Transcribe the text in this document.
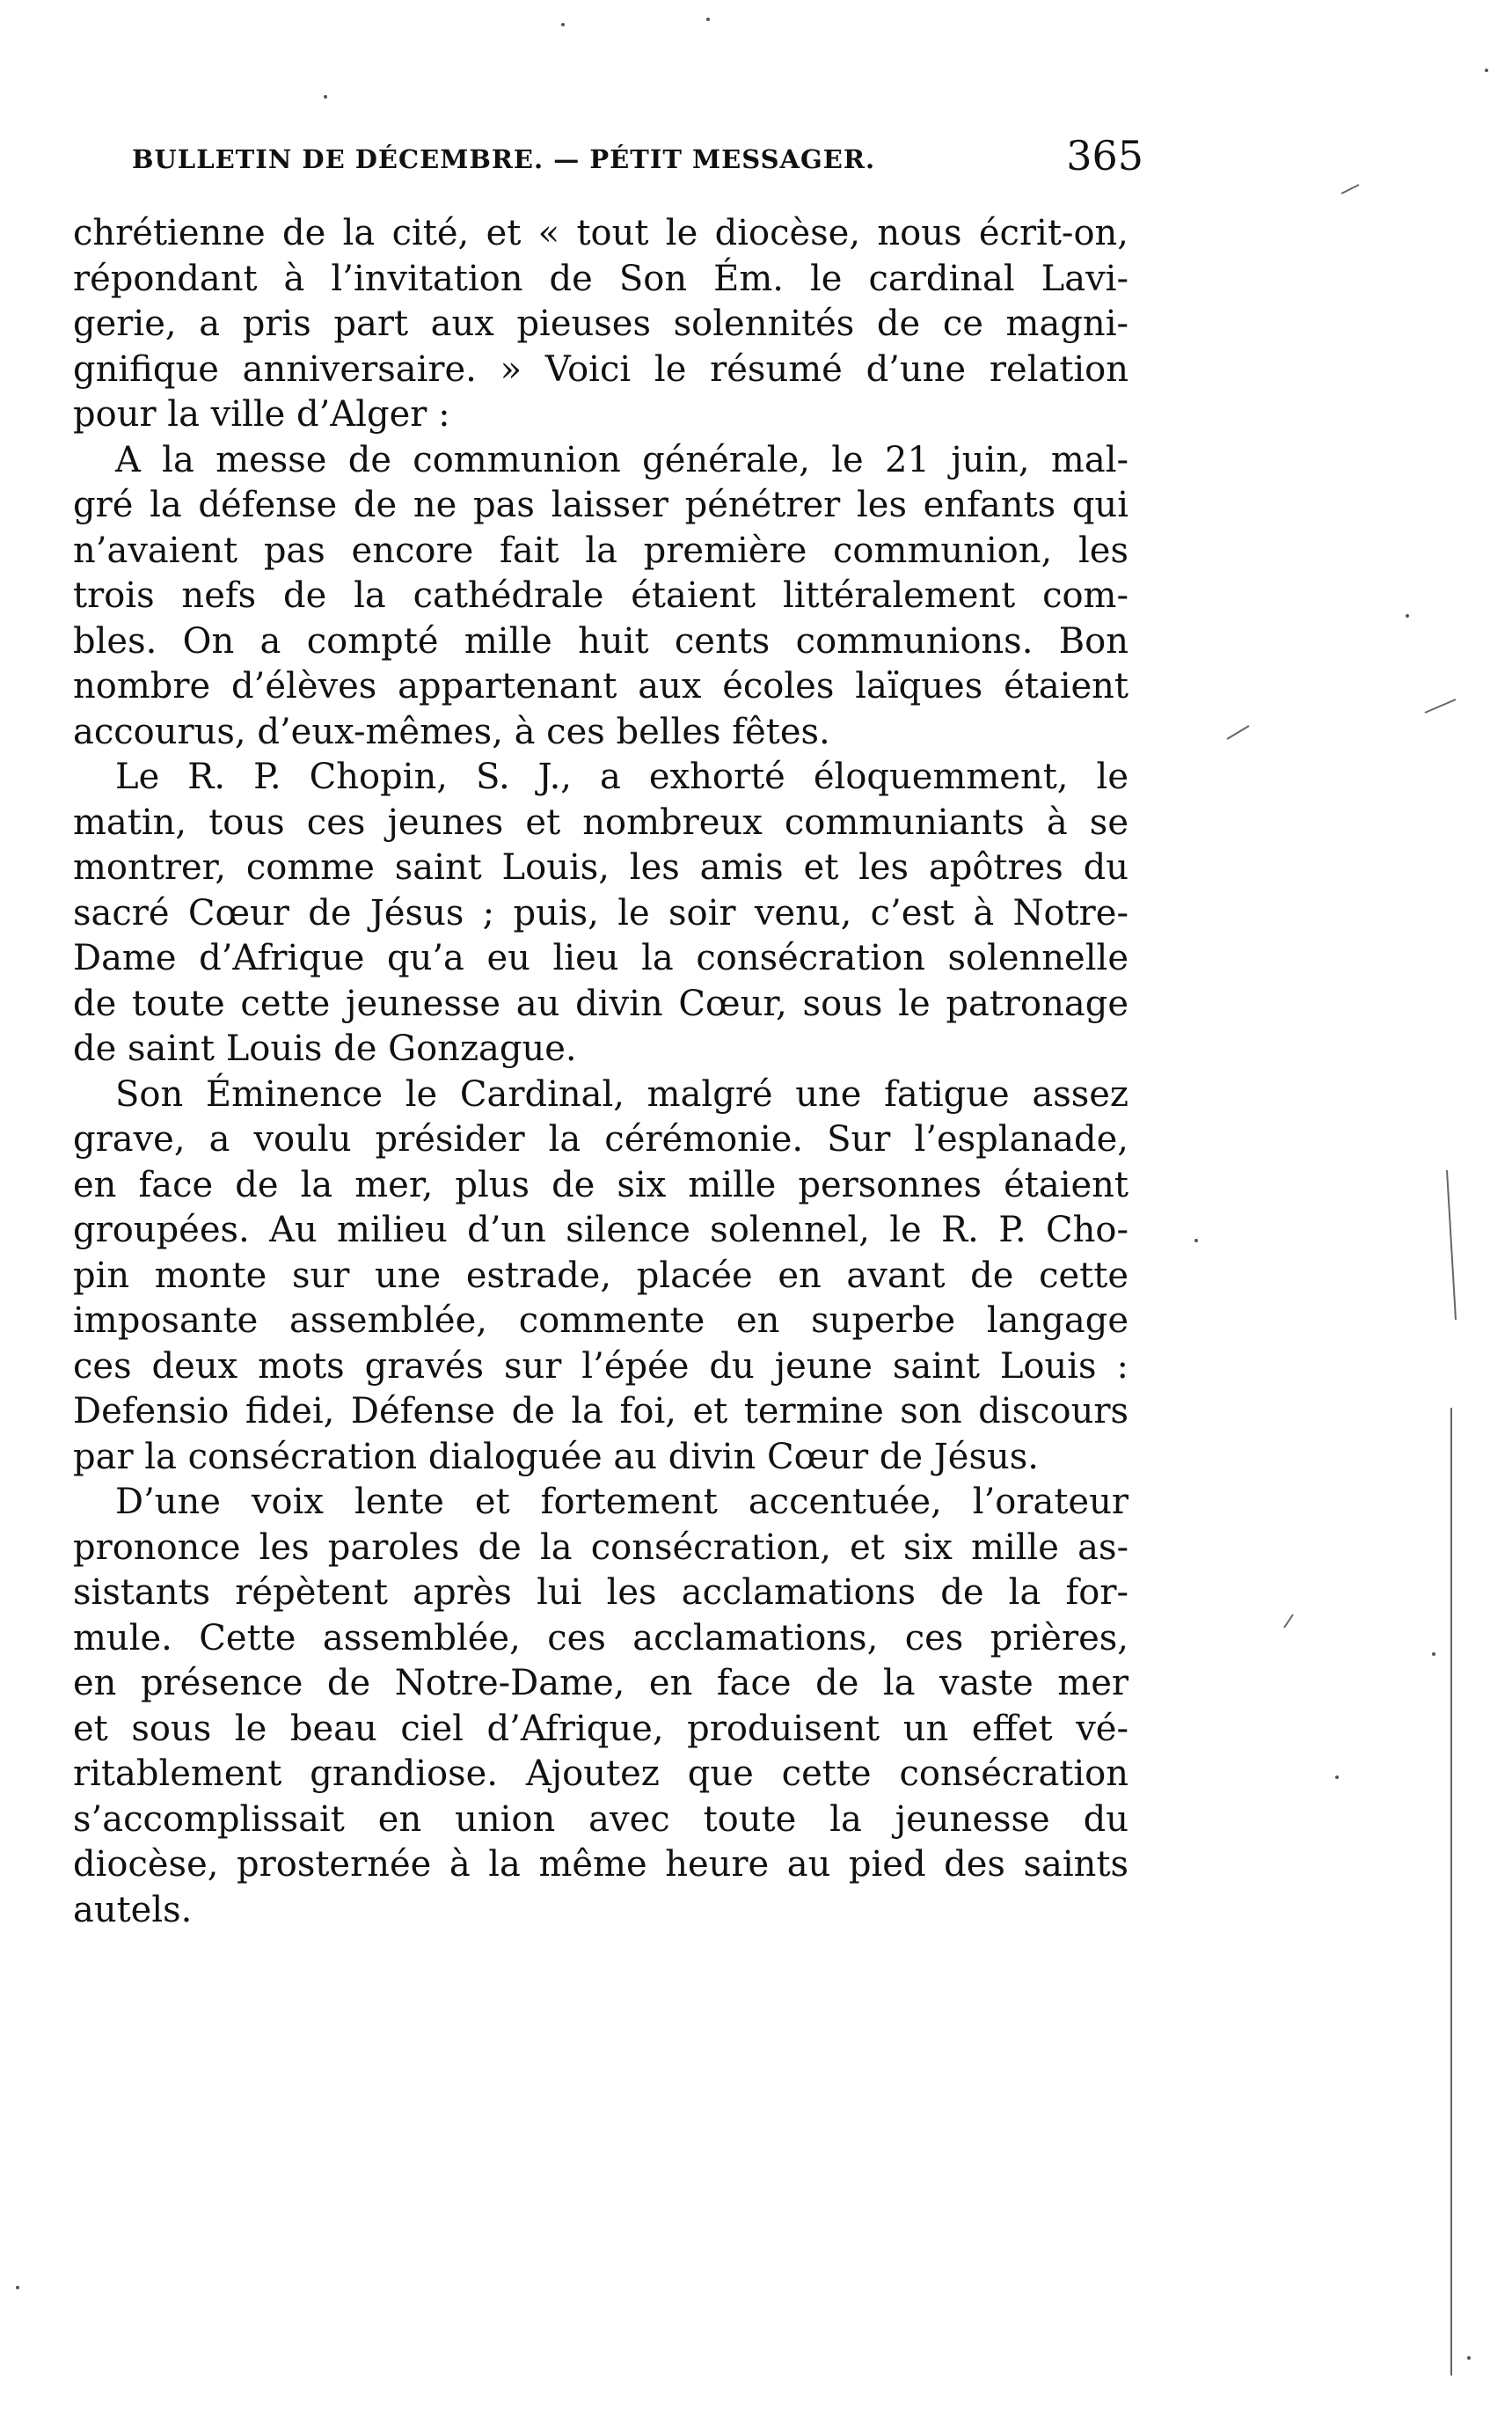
BULLETIN DE DÉCEMBRE. — PÉTIT MESSAGER.	365
chrétienne de la cité, et « tout le diocèse, nous écrit-on,
répondant à l’invitation de Son Ém. le cardinal Lavi-
gerie, a pris part aux pieuses solennités de ce magni-
gnifique anniversaire. » Voici le résumé d’une relation
pour la ville d’Alger :
A la messe de communion générale, le 21 juin, mal-
gré la défense de ne pas laisser pénétrer les enfants qui
n’avaient pas encore fait la première communion, les
trois nefs de la cathédrale étaient littéralement com-
bles. On a compté mille huit cents communions. Bon
nombre d’élèves appartenant aux écoles laïques étaient
accourus, d’eux-mêmes, à ces belles fêtes.
Le R. P. Chopin, S. J., a exhorté éloquemment, le
matin, tous ces jeunes et nombreux communiants à se
montrer, comme saint Louis, les amis et les apôtres du
sacré Cœur de Jésus ; puis, le soir venu, c’est à Notre-
Dame d’Afrique qu’a eu lieu la consécration solennelle
de toute cette jeunesse au divin Cœur, sous le patronage
de saint Louis de Gonzague.
Son Éminence le Cardinal, malgré une fatigue assez
grave, a voulu présider la cérémonie. Sur l’esplanade,
en face de la mer, plus de six mille personnes étaient
groupées. Au milieu d’un silence solennel, le R. P. Cho-
pin monte sur une estrade, placée en avant de cette
imposante assemblée, commente en superbe langage
ces deux mots gravés sur l’épée du jeune saint Louis :
Defensio fidei, Défense de la foi, et termine son discours
par la consécration dialoguée au divin Cœur de Jésus.
D’une voix lente et fortement accentuée, l’orateur
prononce les paroles de la consécration, et six mille as-
sistants répètent après lui les acclamations de la for-
mule. Cette assemblée, ces acclamations, ces prières,
en présence de Notre-Dame, en face de la vaste mer
et sous le beau ciel d’Afrique, produisent un effet vé-
ritablement grandiose. Ajoutez que cette consécration
s’accomplissait en union avec toute la jeunesse du
diocèse, prosternée à la même heure au pied des saints
autels.
